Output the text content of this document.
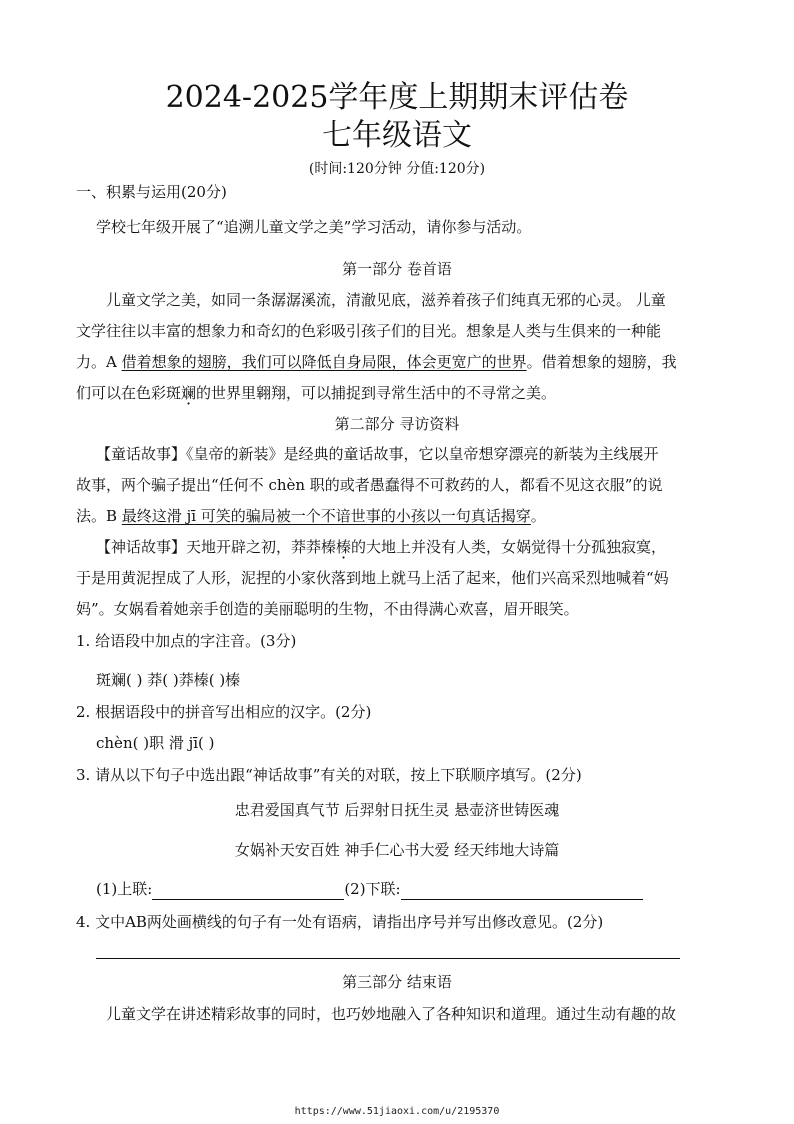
2024-2025学年度上期期末评估卷
七年级语文
(时间:120分钟 分值:120分)
一、积累与运用(20分)
学校七年级开展了“追溯儿童文学之美”学习活动，请你参与活动。
第一部分 卷首语
儿童文学之美，如同一条潺潺溪流，清澈见底，滋养着孩子们纯真无邪的心灵。 儿童
文学往往以丰富的想象力和奇幻的色彩吸引孩子们的目光。想象是人类与生俱来的一种能
力。A 借着想象的翅膀，我们可以降低自身局限，体会更宽广的世界。借着想象的翅膀，我
们可以在色彩斑斓的世界里翱翔，可以捕捉到寻常生活中的不寻常之美。
第二部分 寻访资料
【童话故事】《皇帝的新装》是经典的童话故事，它以皇帝想穿漂亮的新装为主线展开
故事，两个骗子提出“任何不 chèn 职的或者愚蠢得不可救药的人，都看不见这衣服”的说
法。B 最终这滑 jī 可笑的骗局被一个不谙世事的小孩以一句真话揭穿。
【神话故事】天地开辟之初，莽莽榛榛的大地上并没有人类，女娲觉得十分孤独寂寞，
于是用黄泥捏成了人形，泥捏的小家伙落到地上就马上活了起来，他们兴高采烈地喊着“妈
妈”。女娲看着她亲手创造的美丽聪明的生物，不由得满心欢喜，眉开眼笑。
1. 给语段中加点的字注音。(3分)
斑斓( ) 莽( )莽榛( )榛
2. 根据语段中的拼音写出相应的汉字。(2分)
chèn( )职 滑 jī( )
3. 请从以下句子中选出跟“神话故事”有关的对联，按上下联顺序填写。(2分)
忠君爱国真气节 后羿射日抚生灵 悬壶济世铸医魂
女娲补天安百姓 神手仁心书大爱 经天纬地大诗篇
(1)上联:	(2)下联:
4. 文中AB两处画横线的句子有一处有语病，请指出序号并写出修改意见。(2分)
第三部分 结束语
儿童文学在讲述精彩故事的同时，也巧妙地融入了各种知识和道理。通过生动有趣的故
https://www.51jiaoxi.com/u/2195370
